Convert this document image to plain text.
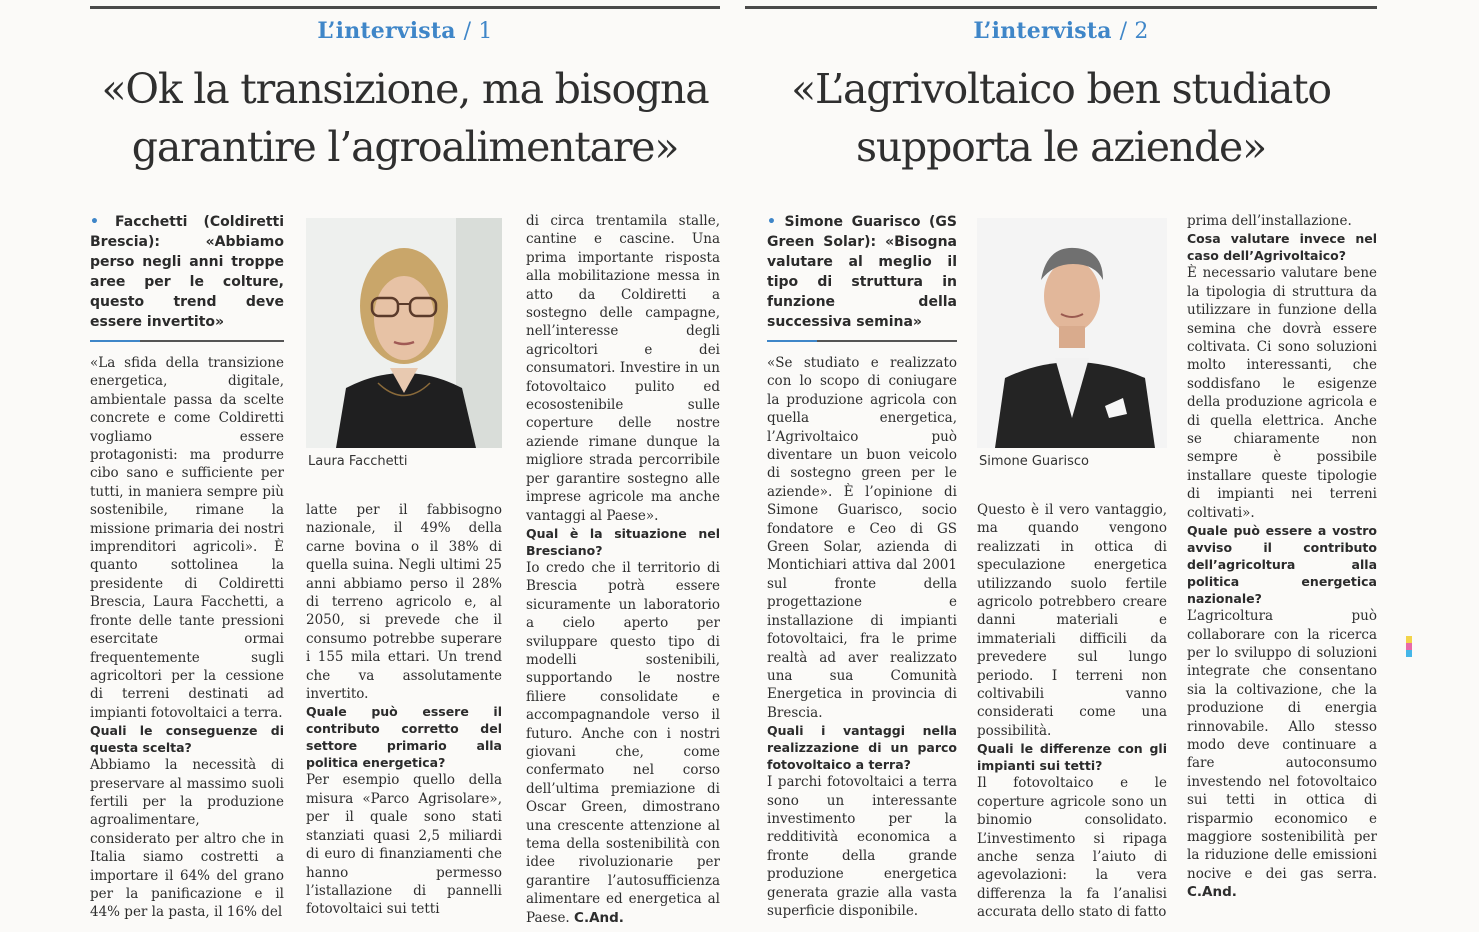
L’intervista / 1
«Ok la transizione, ma bisogna garantire l’agroalimentare»

• Facchetti (Coldiretti Brescia): «Abbiamo perso negli anni troppe aree per le colture, questo trend deve essere invertito»

«La sfida della transizione energetica, digitale, ambientale passa da scelte concrete e come Coldiretti vogliamo essere protagonisti: ma produrre cibo sano e sufficiente per tutti, in maniera sempre più sostenibile, rimane la missione primaria dei nostri imprenditori agricoli». È quanto sottolinea la presidente di Coldiretti Brescia, Laura Facchetti, a fronte delle tante pressioni esercitate ormai frequentemente sugli agricoltori per la cessione di terreni destinati ad impianti fotovoltaici a terra.

Quali le conseguenze di questa scelta?

Abbiamo la necessità di preservare al massimo suoli fertili per la produzione agroalimentare, considerato per altro che in Italia siamo costretti a importare il 64% del grano per la panificazione e il 44% per la pasta, il 16% del

Laura Facchetti

latte per il fabbisogno nazionale, il 49% della carne bovina o il 38% di quella suina. Negli ultimi 25 anni abbiamo perso il 28% di terreno agricolo e, al 2050, si prevede che il consumo potrebbe superare i 155 mila ettari. Un trend che va assolutamente invertito.

Quale può essere il contributo corretto del settore primario alla politica energetica?

Per esempio quello della misura «Parco Agrisolare», per il quale sono stati stanziati quasi 2,5 miliardi di euro di finanziamenti che hanno permesso l’istallazione di pannelli fotovoltaici sui tetti

di circa trentamila stalle, cantine e cascine. Una prima importante risposta alla mobilitazione messa in atto da Coldiretti a sostegno delle campagne, nell’interesse degli agricoltori e dei consumatori. Investire in un fotovoltaico pulito ed ecosostenibile sulle coperture delle nostre aziende rimane dunque la migliore strada percorribile per garantire sostegno alle imprese agricole ma anche vantaggi al Paese».

Qual è la situazione nel Bresciano?

Io credo che il territorio di Brescia potrà essere sicuramente un laboratorio a cielo aperto per sviluppare questo tipo di modelli sostenibili, supportando le nostre filiere consolidate e accompagnandole verso il futuro. Anche con i nostri giovani che, come confermato nel corso dell’ultima premiazione di Oscar Green, dimostrano una crescente attenzione al tema della sostenibilità con idee rivoluzionarie per garantire l’autosufficienza alimentare ed energetica al Paese. C.And.

L’intervista / 2
«L’agrivoltaico ben studiato supporta le aziende»

• Simone Guarisco (GS Green Solar): «Bisogna valutare al meglio il tipo di struttura in funzione della successiva semina»

«Se studiato e realizzato con lo scopo di coniugare la produzione agricola con quella energetica, l’Agrivoltaico può diventare un buon veicolo di sostegno green per le aziende». È l’opinione di Simone Guarisco, socio fondatore e Ceo di GS Green Solar, azienda di Montichiari attiva dal 2001 sul fronte della progettazione e installazione di impianti fotovoltaici, fra le prime realtà ad aver realizzato una sua Comunità Energetica in provincia di Brescia.

Quali i vantaggi nella realizzazione di un parco fotovoltaico a terra?

I parchi fotovoltaici a terra sono un interessante investimento per la redditività economica a fronte della grande produzione energetica generata grazie alla vasta superficie disponibile.

Simone Guarisco

Questo è il vero vantaggio, ma quando vengono realizzati in ottica di speculazione energetica utilizzando suolo fertile agricolo potrebbero creare danni materiali e immateriali difficili da prevedere sul lungo periodo. I terreni non coltivabili vanno considerati come una possibilità.

Quali le differenze con gli impianti sui tetti?

Il fotovoltaico e le coperture agricole sono un binomio consolidato. L’investimento si ripaga anche senza l’aiuto di agevolazioni: la vera differenza la fa l’analisi accurata dello stato di fatto

prima dell’installazione.

Cosa valutare invece nel caso dell’Agrivoltaico?

È necessario valutare bene la tipologia di struttura da utilizzare in funzione della semina che dovrà essere coltivata. Ci sono soluzioni molto interessanti, che soddisfano le esigenze della produzione agricola e di quella elettrica. Anche se chiaramente non sempre è possibile installare queste tipologie di impianti nei terreni coltivati».

Quale può essere a vostro avviso il contributo dell’agricoltura alla politica energetica nazionale?

L’agricoltura può collaborare con la ricerca per lo sviluppo di soluzioni integrate che consentano sia la coltivazione, che la produzione di energia rinnovabile. Allo stesso modo deve continuare a fare autoconsumo investendo nel fotovoltaico sui tetti in ottica di risparmio economico e maggiore sostenibilità per la riduzione delle emissioni nocive e dei gas serra. C.And.
